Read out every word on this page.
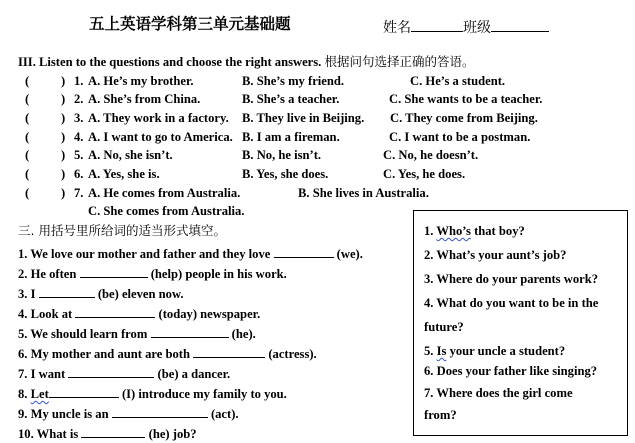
五上英语学科第三单元基础题	姓名	班级
III. Listen to the questions and choose the right answers. 根据问句选择正确的答语。
(	) 1. A. He’s my brother.	B. She’s my friend.	C. He’s a student.
(	) 2. A. She’s from China.	B. She’s a teacher.	C. She wants to be a teacher.
(	) 3. A. They work in a factory. B. They live in Beijing. C. They come from Beijing.
(	) 4. A. I want to go to America. B. I am a fireman.	C. I want to be a postman.
(	) 5. A. No, she isn’t.	B. No, he isn’t.	C. No, he doesn’t.
(	) 6. A. Yes, she is.	B. Yes, she does.	C. Yes, he does.
(	) 7. A. He comes from Australia.	B. She lives in Australia.
C. She comes from Australia.
三. 用括号里所给词的适当形式填空。
1. We love our mother and father and they love	(we).
2. He often	(help) people in his work.
3. I	(be) eleven now.
4. Look at	(today) newspaper.
5. We should learn from	(he).
6. My mother and aunt are both	(actress).
7. I want	(be) a dancer.
8. Let	(I) introduce my family to you.
9. My uncle is an	(act).
10. What is	(he) job?
1. Who’s that boy?
2. What’s your aunt’s job?
3. Where do your parents work?
4. What do you want to be in the
future?
5. Is your uncle a student?
6. Does your father like singing?
7. Where does the girl come
from?
